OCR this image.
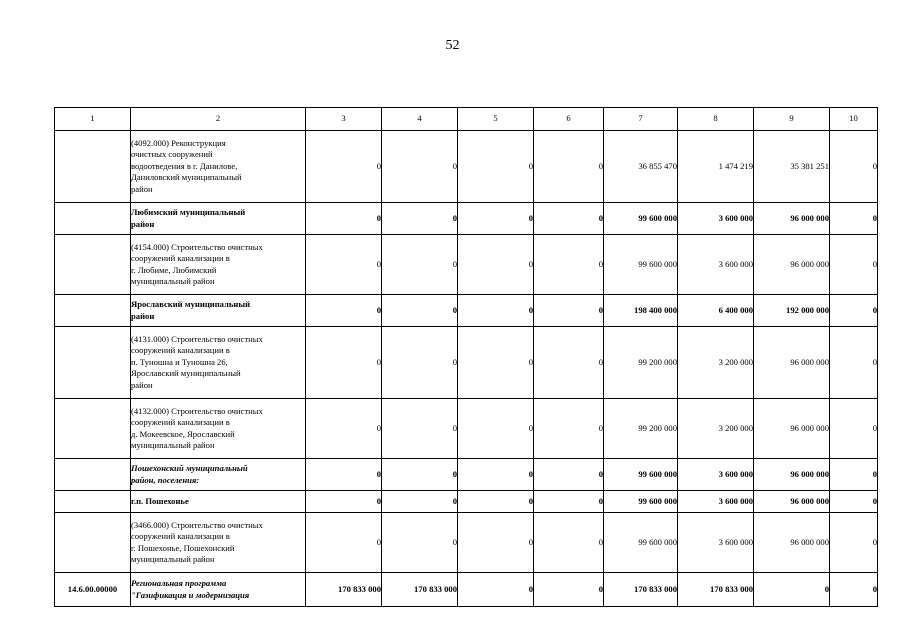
52
1	2	3	4	5	6	7	8	9	10

	(4092.000) Реконструкция
очистных сооружений
водоотведения в г. Данилове,
Даниловский муниципальный
район	0	0	0	0	36 855 470	1 474 219	35 381 251	0

	Любимский муниципальный
район	0	0	0	0	99 600 000	3 600 000	96 000 000	0

	(4154.000) Строительство очистных
сооружений канализации в
г. Любиме, Любимский
муниципальный район	0	0	0	0	99 600 000	3 600 000	96 000 000	0

	Ярославский муниципальный
район	0	0	0	0	198 400 000	6 400 000	192 000 000	0

	(4131.000) Строительство очистных
сооружений канализации в
п. Туношна и Туношна 26,
Ярославский муниципальный
район	0	0	0	0	99 200 000	3 200 000	96 000 000	0

	(4132.000) Строительство очистных
сооружений канализации в
д. Мокеевское, Ярославский
муниципальный район	0	0	0	0	99 200 000	3 200 000	96 000 000	0

	Пошехонский муниципальный
район, поселения:	0	0	0	0	99 600 000	3 600 000	96 000 000	0

	г.п. Пошехонье	0	0	0	0	99 600 000	3 600 000	96 000 000	0

	(3466.000) Строительство очистных
сооружений канализации в
г. Пошехонье, Пошехонский
муниципальный район	0	0	0	0	99 600 000	3 600 000	96 000 000	0
14.6.00.00000	Региональная программа
"Газификация и модернизация	170 833 000	170 833 000	0	0	170 833 000	170 833 000	0	0
